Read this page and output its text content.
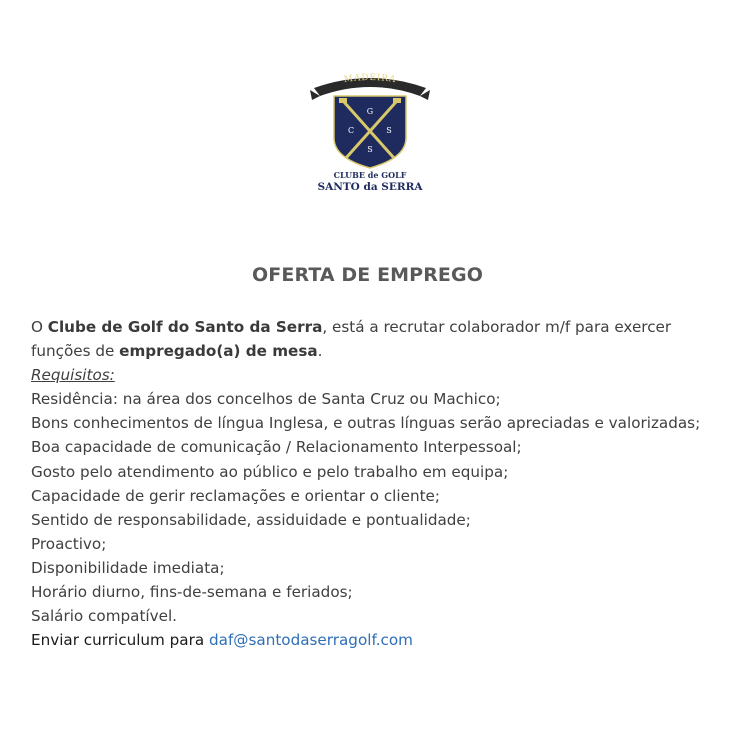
MADEIRA
G
C	S
S
CLUBE de GOLF
SANTO da SERRA
OFERTA DE EMPREGO

O Clube de Golf do Santo da Serra, está a recrutar colaborador m/f para exercer funções de empregado(a) de mesa.

Requisitos:

Residência: na área dos concelhos de Santa Cruz ou Machico;

Bons conhecimentos de língua Inglesa, e outras línguas serão apreciadas e valorizadas;

Boa capacidade de comunicação / Relacionamento Interpessoal;

Gosto pelo atendimento ao público e pelo trabalho em equipa;

Capacidade de gerir reclamações e orientar o cliente;

Sentido de responsabilidade, assiduidade e pontualidade;

Proactivo;

Disponibilidade imediata;

Horário diurno, fins-de-semana e feriados;

Salário compatível.

Enviar curriculum para daf@santodaserragolf.com
